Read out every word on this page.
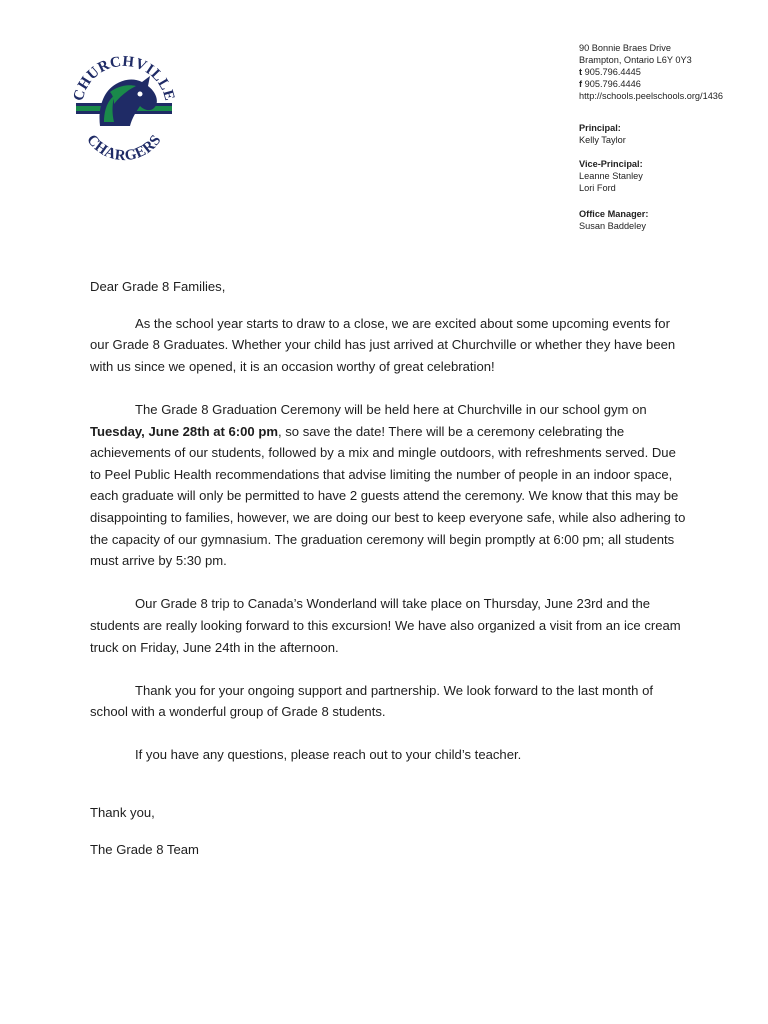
CHURCHVILLE
CHARGERS
90 Bonnie Braes Drive
Brampton, Ontario L6Y 0Y3
t 905.796.4445
f 905.796.4446
http://schools.peelschools.org/1436
Principal:
Kelly Taylor
Vice-Principal:
Leanne Stanley
Lori Ford
Office Manager:
Susan Baddeley

Dear Grade 8 Families,

As the school year starts to draw to a close, we are excited about some upcoming events for our Grade 8 Graduates. Whether your child has just arrived at Churchville or whether they have been with us since we opened, it is an occasion worthy of great celebration!

The Grade 8 Graduation Ceremony will be held here at Churchville in our school gym on Tuesday, June 28th at 6:00 pm, so save the date! There will be a ceremony celebrating the achievements of our students, followed by a mix and mingle outdoors, with refreshments served. Due to Peel Public Health recommendations that advise limiting the number of people in an indoor space, each graduate will only be permitted to have 2 guests attend the ceremony. We know that this may be disappointing to families, however, we are doing our best to keep everyone safe, while also adhering to the capacity of our gymnasium. The graduation ceremony will begin promptly at 6:00 pm; all students must arrive by 5:30 pm.

Our Grade 8 trip to Canada’s Wonderland will take place on Thursday, June 23rd and the students are really looking forward to this excursion! We have also organized a visit from an ice cream truck on Friday, June 24th in the afternoon.

Thank you for your ongoing support and partnership. We look forward to the last month of school with a wonderful group of Grade 8 students.

If you have any questions, please reach out to your child’s teacher.

Thank you,

The Grade 8 Team
